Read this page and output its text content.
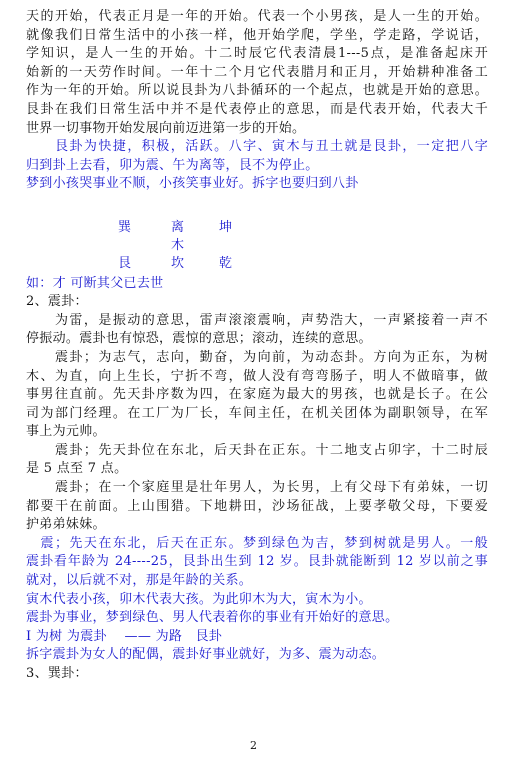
天的开始，代表正月是一年的开始。代表一个小男孩，是人一生的开始。
就像我们日常生活中的小孩一样，他开始学爬，学坐，学走路，学说话，
学知识，是人一生的开始。十二时辰它代表清晨1---5点，是准备起床开
始新的一天劳作时间。一年十二个月它代表腊月和正月，开始耕种准备工
作为一年的开始。所以说艮卦为八卦循环的一个起点，也就是开始的意思。
艮卦在我们日常生活中并不是代表停止的意思，而是代表开始，代表大千
世界一切事物开始发展向前迈进第一步的开始。
　　艮卦为快捷，积极，活跃。八字、寅木与丑土就是艮卦，一定把八字
归到卦上去看，卯为震、午为离等，艮不为停止。
梦到小孩哭事业不顺，小孩笑事业好。拆字也要归到八卦
巽	离	坤
木
艮	坎	乾
如：才 可断其父已去世
2、震卦：
　　为雷，是振动的意思，雷声滚滚震响，声势浩大，一声紧接着一声不
停振动。震卦也有惊恐，震惊的意思；滚动，连续的意思。
　　震卦；为志气，志向，勤奋，为向前，为动态卦。方向为正东，为树
木、为直，向上生长，宁折不弯，做人没有弯弯肠子，明人不做暗事，做
事男往直前。先天卦序数为四，在家庭为最大的男孩，也就是长子。在公
司为部门经理。在工厂为厂长，车间主任，在机关团体为副职领导，在军
事上为元帅。
　　震卦；先天卦位在东北，后天卦在正东。十二地支占卯字，十二时辰
是 5 点至 7 点。
　　震卦；在一个家庭里是壮年男人，为长男，上有父母下有弟妹，一切
都要干在前面。上山围猎。下地耕田，沙场征战，上要孝敬父母，下要爱
护弟弟妹妹。
　震；先天在东北，后天在正东。梦到绿色为吉，梦到树就是男人。一般
震卦看年龄为 24----25，艮卦出生到 12 岁。艮卦就能断到 12 岁以前之事
就对，以后就不对，那是年龄的关系。
寅木代表小孩，卯木代表大孩。为此卯木为大，寅木为小。
震卦为事业，梦到绿色、男人代表着你的事业有开始好的意思。
I 为树 为震卦　 —— 为路　艮卦
拆字震卦为女人的配偶，震卦好事业就好，为多、震为动态。
3、巽卦：
2
